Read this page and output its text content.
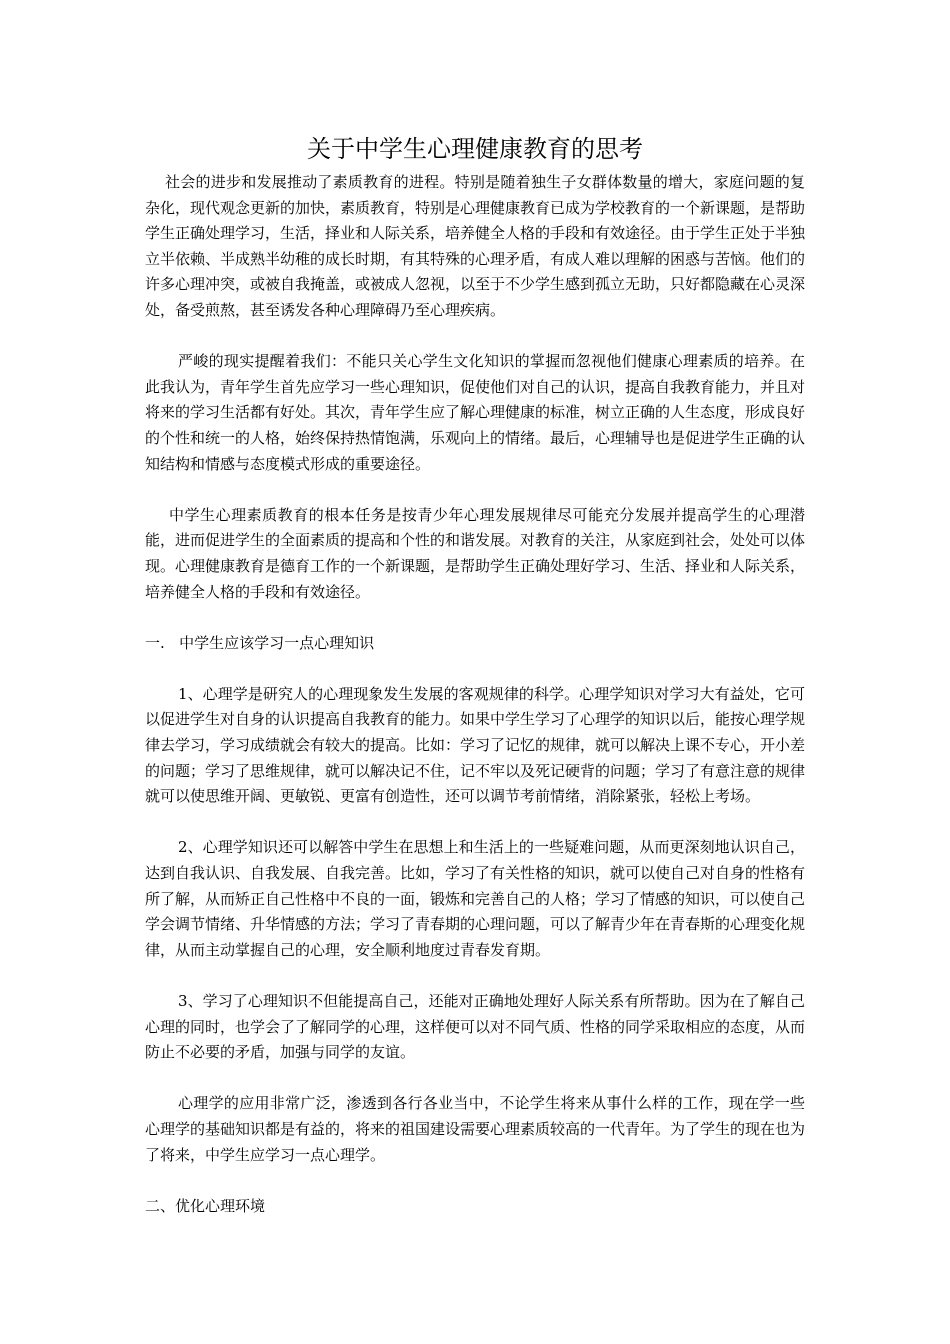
关于中学生心理健康教育的思考

社会的进步和发展推动了素质教育的进程。特别是随着独生子女群体数量的增大，家庭问题的复杂化，现代观念更新的加快，素质教育，特别是心理健康教育已成为学校教育的一个新课题，是帮助学生正确处理学习，生活，择业和人际关系，培养健全人格的手段和有效途径。由于学生正处于半独立半依赖、半成熟半幼稚的成长时期，有其特殊的心理矛盾，有成人难以理解的困惑与苦恼。他们的许多心理冲突，或被自我掩盖，或被成人忽视，以至于不少学生感到孤立无助，只好都隐藏在心灵深处，备受煎熬，甚至诱发各种心理障碍乃至心理疾病。

严峻的现实提醒着我们：不能只关心学生文化知识的掌握而忽视他们健康心理素质的培养。在此我认为，青年学生首先应学习一些心理知识，促使他们对自己的认识，提高自我教育能力，并且对将来的学习生活都有好处。其次，青年学生应了解心理健康的标准，树立正确的人生态度，形成良好的个性和统一的人格，始终保持热情饱满，乐观向上的情绪。最后，心理辅导也是促进学生正确的认知结构和情感与态度模式形成的重要途径。

中学生心理素质教育的根本任务是按青少年心理发展规律尽可能充分发展并提高学生的心理潜能，进而促进学生的全面素质的提高和个性的和谐发展。对教育的关注，从家庭到社会，处处可以体现。心理健康教育是德育工作的一个新课题，是帮助学生正确处理好学习、生活、择业和人际关系，培养健全人格的手段和有效途径。

一.   中学生应该学习一点心理知识

1、心理学是研究人的心理现象发生发展的客观规律的科学。心理学知识对学习大有益处，它可以促进学生对自身的认识提高自我教育的能力。如果中学生学习了心理学的知识以后，能按心理学规律去学习，学习成绩就会有较大的提高。比如：学习了记忆的规律，就可以解决上课不专心，开小差的问题；学习了思维规律，就可以解决记不住，记不牢以及死记硬背的问题；学习了有意注意的规律就可以使思维开阔、更敏锐、更富有创造性，还可以调节考前情绪，消除紧张，轻松上考场。

2、心理学知识还可以解答中学生在思想上和生活上的一些疑难问题，从而更深刻地认识自己，达到自我认识、自我发展、自我完善。比如，学习了有关性格的知识，就可以使自己对自身的性格有所了解，从而矫正自己性格中不良的一面，锻炼和完善自己的人格；学习了情感的知识，可以使自己学会调节情绪、升华情感的方法；学习了青春期的心理问题，可以了解青少年在青春斯的心理变化规律，从而主动掌握自己的心理，安全顺利地度过青春发育期。

3、学习了心理知识不但能提高自己，还能对正确地处理好人际关系有所帮助。因为在了解自己心理的同时，也学会了了解同学的心理，这样便可以对不同气质、性格的同学采取相应的态度，从而防止不必要的矛盾，加强与同学的友谊。

心理学的应用非常广泛，渗透到各行各业当中，不论学生将来从事什么样的工作，现在学一些心理学的基础知识都是有益的，将来的祖国建设需要心理素质较高的一代青年。为了学生的现在也为了将来，中学生应学习一点心理学。

二、优化心理环境
